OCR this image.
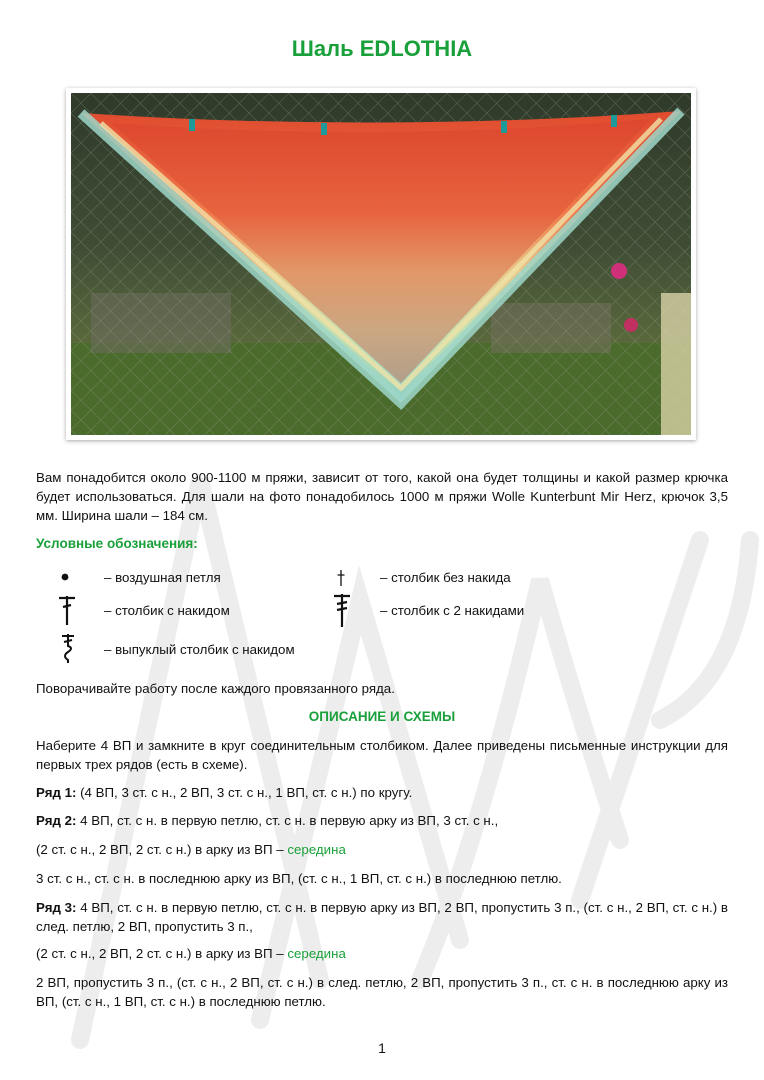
Шаль EDLOTHIA
Вам понадобится около 900-1100 м пряжи, зависит от того, какой она будет толщины и какой размер крючка будет использоваться. Для шали на фото понадобилось 1000 м пряжи Wolle Kunterbunt Mir Herz, крючок 3,5 мм. Ширина шали – 184 см.
Условные обозначения:
– воздушная петля	– столбик без накида
– столбик с накидом	– столбик с 2 накидами
– выпуклый столбик с накидом
Поворачивайте работу после каждого провязанного ряда.
ОПИСАНИЕ И СХЕМЫ
Наберите 4 ВП и замкните в круг соединительным столбиком. Далее приведены письменные инструкции для первых трех рядов (есть в схеме).
Ряд 1: (4 ВП, 3 ст. с н., 2 ВП, 3 ст. с н., 1 ВП, ст. с н.) по кругу.
Ряд 2: 4 ВП, ст. с н. в первую петлю, ст. с н. в первую арку из ВП, 3 ст. с н.,
(2 ст. с н., 2 ВП, 2 ст. с н.) в арку из ВП – середина
3 ст. с н., ст. с н. в последнюю арку из ВП, (ст. с н., 1 ВП, ст. с н.) в последнюю петлю.
Ряд 3: 4 ВП, ст. с н. в первую петлю, ст. с н. в первую арку из ВП, 2 ВП, пропустить 3 п., (ст. с н., 2 ВП, ст. с н.) в след. петлю, 2 ВП, пропустить 3 п.,
(2 ст. с н., 2 ВП, 2 ст. с н.) в арку из ВП – середина
2 ВП, пропустить 3 п., (ст. с н., 2 ВП, ст. с н.) в след. петлю, 2 ВП, пропустить 3 п., ст. с н. в последнюю арку из ВП, (ст. с н., 1 ВП, ст. с н.) в последнюю петлю.
1
